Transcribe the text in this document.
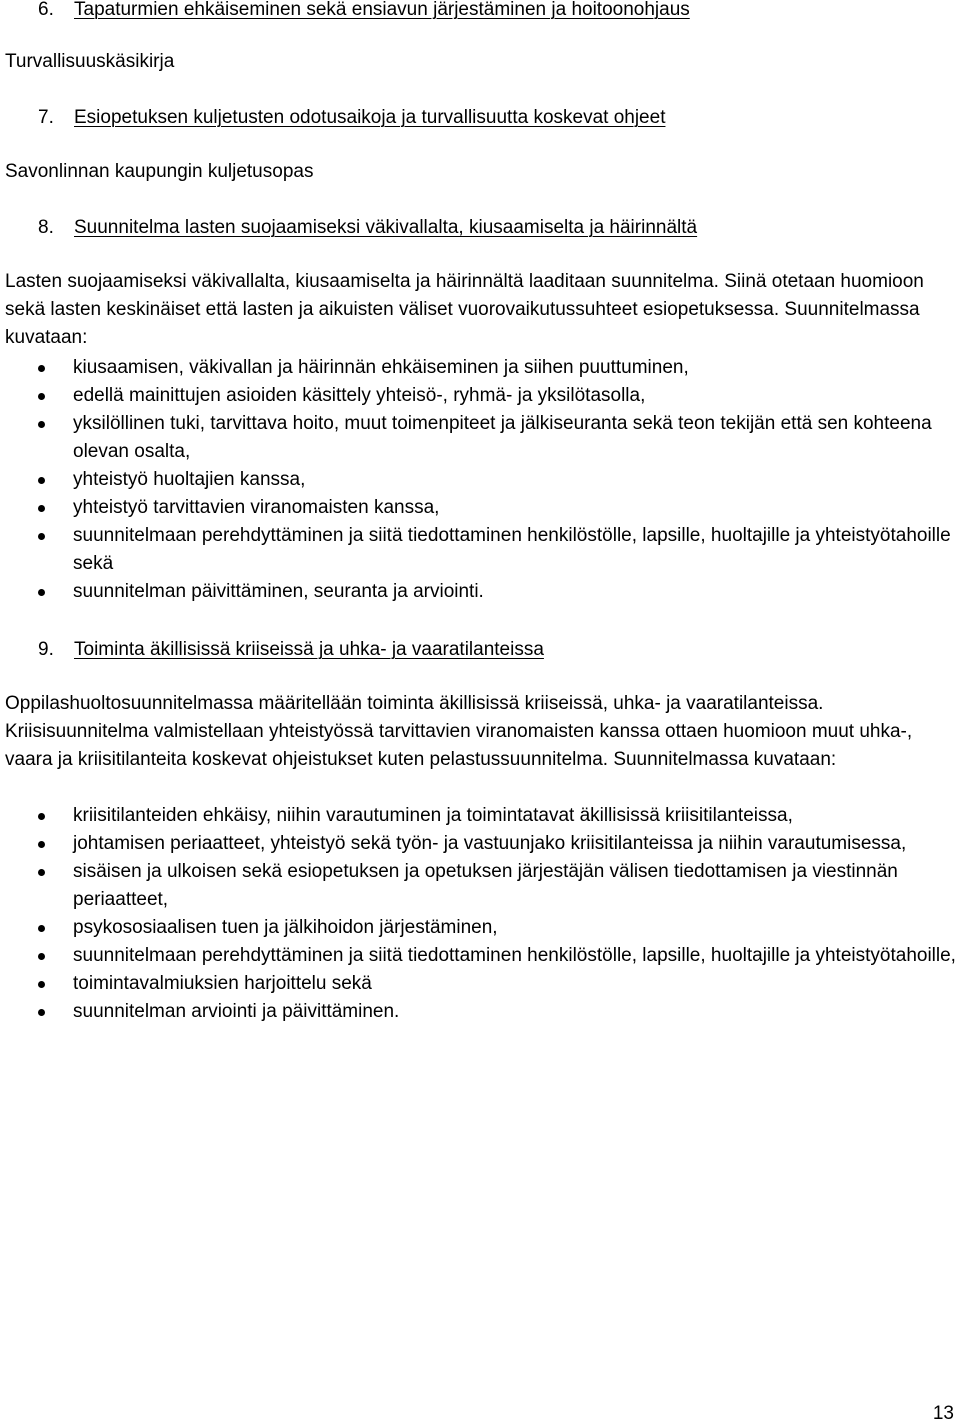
6. Tapaturmien ehkäiseminen sekä ensiavun järjestäminen ja hoitoonohjaus
Turvallisuuskäsikirja
7. Esiopetuksen kuljetusten odotusaikoja ja turvallisuutta koskevat ohjeet
Savonlinnan kaupungin kuljetusopas
8. Suunnitelma lasten suojaamiseksi väkivallalta, kiusaamiselta ja häirinnältä

Lasten suojaamiseksi väkivallalta, kiusaamiselta ja häirinnältä laaditaan suunnitelma. Siinä otetaan huomioon sekä lasten keskinäiset että lasten ja aikuisten väliset vuorovaikutussuhteet esiopetuksessa. Suunnitelmassa kuvataan:

kiusaamisen, väkivallan ja häirinnän ehkäiseminen ja siihen puuttuminen,
edellä mainittujen asioiden käsittely yhteisö-, ryhmä- ja yksilötasolla,
yksilöllinen tuki, tarvittava hoito, muut toimenpiteet ja jälkiseuranta sekä teon tekijän että sen kohteena olevan osalta,
yhteistyö huoltajien kanssa,
yhteistyö tarvittavien viranomaisten kanssa,
suunnitelmaan perehdyttäminen ja siitä tiedottaminen henkilöstölle, lapsille, huoltajille ja yhteistyötahoille sekä
suunnitelman päivittäminen, seuranta ja arviointi.
9. Toiminta äkillisissä kriiseissä ja uhka- ja vaaratilanteissa

Oppilashuoltosuunnitelmassa määritellään toiminta äkillisissä kriiseissä, uhka- ja vaaratilanteissa. Kriisisuunnitelma valmistellaan yhteistyössä tarvittavien viranomaisten kanssa ottaen huomioon muut uhka-, vaara ja kriisitilanteita koskevat ohjeistukset kuten pelastussuunnitelma. Suunnitelmassa kuvataan:

kriisitilanteiden ehkäisy, niihin varautuminen ja toimintatavat äkillisissä kriisitilanteissa,
johtamisen periaatteet, yhteistyö sekä työn- ja vastuunjako kriisitilanteissa ja niihin varautumisessa,
sisäisen ja ulkoisen sekä esiopetuksen ja opetuksen järjestäjän välisen tiedottamisen ja viestinnän periaatteet,
psykososiaalisen tuen ja jälkihoidon järjestäminen,
suunnitelmaan perehdyttäminen ja siitä tiedottaminen henkilöstölle, lapsille, huoltajille ja yhteistyötahoille,
toimintavalmiuksien harjoittelu sekä
suunnitelman arviointi ja päivittäminen.
13
